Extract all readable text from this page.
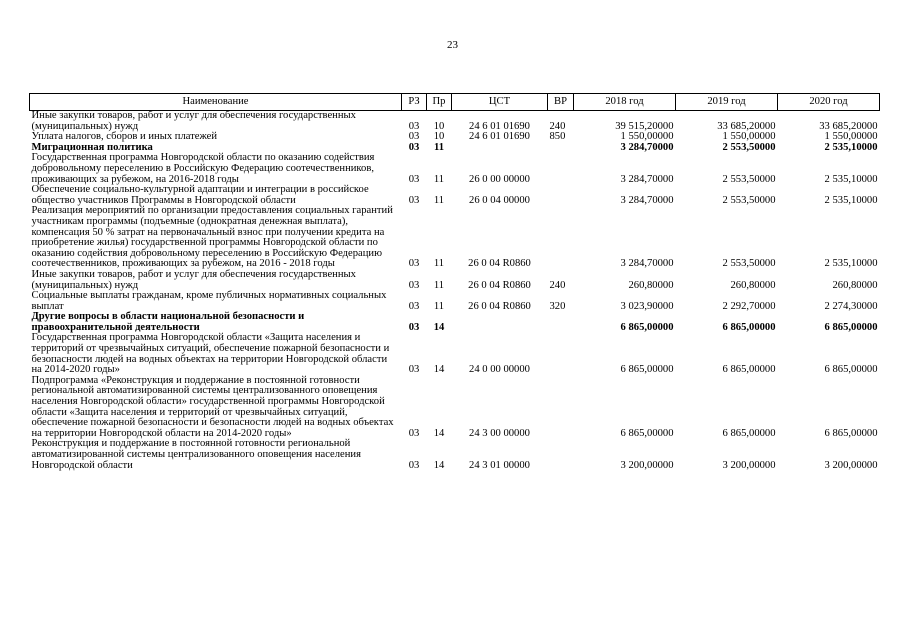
23
Наименование	РЗ	Пр	ЦСТ	ВР	2018 год	2019 год	2020 год
Иные закупки товаров, работ и услуг для обеспечения государственных (муниципальных) нужд	03	10	24 6 01 01690	240	39 515,20000	33 685,20000	33 685,20000
Уплата налогов, сборов и иных платежей	03	10	24 6 01 01690	850	1 550,00000	1 550,00000	1 550,00000
Миграционная политика	03	11			3 284,70000	2 553,50000	2 535,10000
Государственная программа Новгородской области по оказанию содействия добровольному переселению в Российскую Федерацию соотечественников, проживающих за рубежом, на 2016-2018 годы	03	11	26 0 00 00000		3 284,70000	2 553,50000	2 535,10000
Обеспечение социально-культурной адаптации и интеграции в российское общество участников Программы в Новгородской области	03	11	26 0 04 00000		3 284,70000	2 553,50000	2 535,10000
Реализация мероприятий по организации предоставления социальных гарантий участникам программы (подъемные (однократная денежная выплата), компенсация 50 % затрат на первоначальный взнос при получении кредита на приобретение жилья) государственной программы Новгородской области по оказанию содействия добровольному переселению в Российскую Федерацию соотечественников, проживающих за рубежом, на 2016 - 2018 годы	03	11	26 0 04 R0860		3 284,70000	2 553,50000	2 535,10000
Иные закупки товаров, работ и услуг для обеспечения государственных (муниципальных) нужд	03	11	26 0 04 R0860	240	260,80000	260,80000	260,80000
Социальные выплаты гражданам, кроме публичных нормативных социальных выплат	03	11	26 0 04 R0860	320	3 023,90000	2 292,70000	2 274,30000
Другие вопросы в области национальной безопасности и правоохранительной деятельности	03	14			6 865,00000	6 865,00000	6 865,00000
Государственная программа Новгородской области «Защита населения и территорий от чрезвычайных ситуаций, обеспечение пожарной безопасности и безопасности людей на водных объектах на территории Новгородской области на 2014-2020 годы»	03	14	24 0 00 00000		6 865,00000	6 865,00000	6 865,00000
Подпрограмма «Реконструкция и поддержание в постоянной готовности региональной автоматизированной системы централизованного оповещения населения Новгородской области» государственной программы Новгородской области «Защита населения и территорий от чрезвычайных ситуаций, обеспечение пожарной безопасности и безопасности людей на водных объектах на территории Новгородской области на 2014-2020 годы»	03	14	24 3 00 00000		6 865,00000	6 865,00000	6 865,00000
Реконструкция и поддержание в постоянной готовности региональной автоматизированной системы централизованного оповещения населения Новгородской области	03	14	24 3 01 00000		3 200,00000	3 200,00000	3 200,00000
